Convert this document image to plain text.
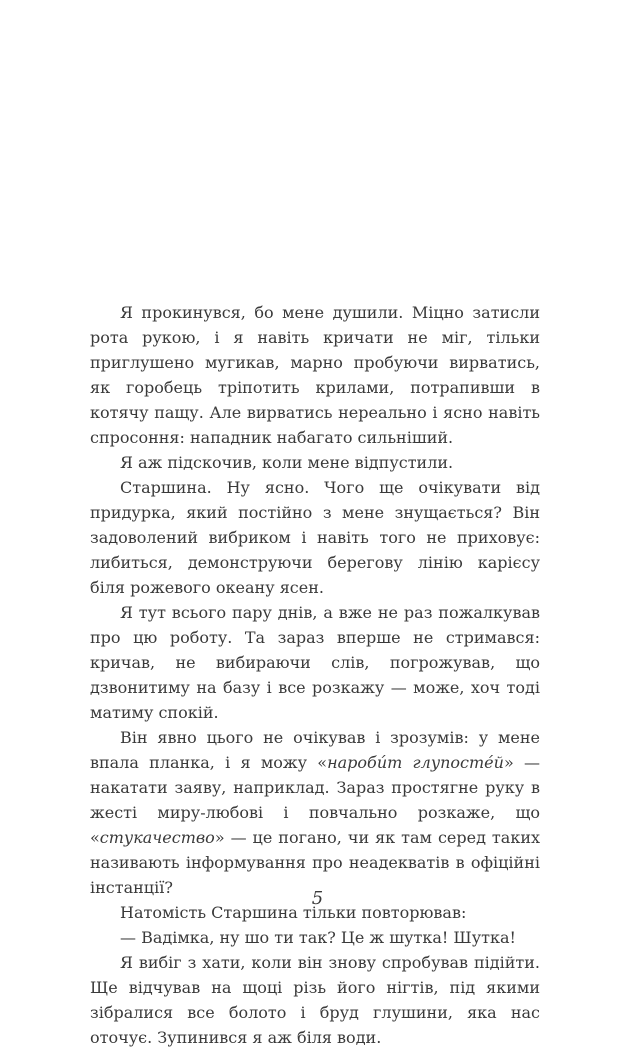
Я прокинувся, бо мене душили. Міцно затисли рота рукою, і я навіть кричати не міг, тільки приглушено мугикав, марно пробуючи вирватись, як горобець тріпотить крилами, потрапивши в котячу пащу. Але вирватись нереально і ясно навіть спросоння: нападник набагато сильніший.

Я аж підскочив, коли мене відпустили.

Старшина. Ну ясно. Чого ще очікувати від придурка, який постійно з мене знущається? Він задоволений вибриком і навіть того не приховує: либиться, демонструючи берегову лінію карієсу біля рожевого океану ясен.

Я тут всього пару днів, а вже не раз пожалкував про цю роботу. Та зараз вперше не стримався: кричав, не вибираючи слів, погрожував, що дзвонитиму на базу і все розкажу — може, хоч тоді матиму спокій.

Він явно цього не очікував і зрозумів: у мене впала планка, і я можу «наробúт глупостéй» — накатати заяву, наприклад. Зараз простягне руку в жесті миру-любові і повчально розкаже, що «стукачество» — це погано, чи як там серед таких називають інформування про неадекватів в офіційні інстанції?

Натомість Старшина тільки повторював:

— Вадімка, ну шо ти так? Це ж шутка! Шутка!

Я вибіг з хати, коли він знову спробував підійти. Ще відчував на щоці різь його нігтів, під якими зібралися все болото і бруд глушини, яка нас оточує. Зупинився я аж біля води.

5
